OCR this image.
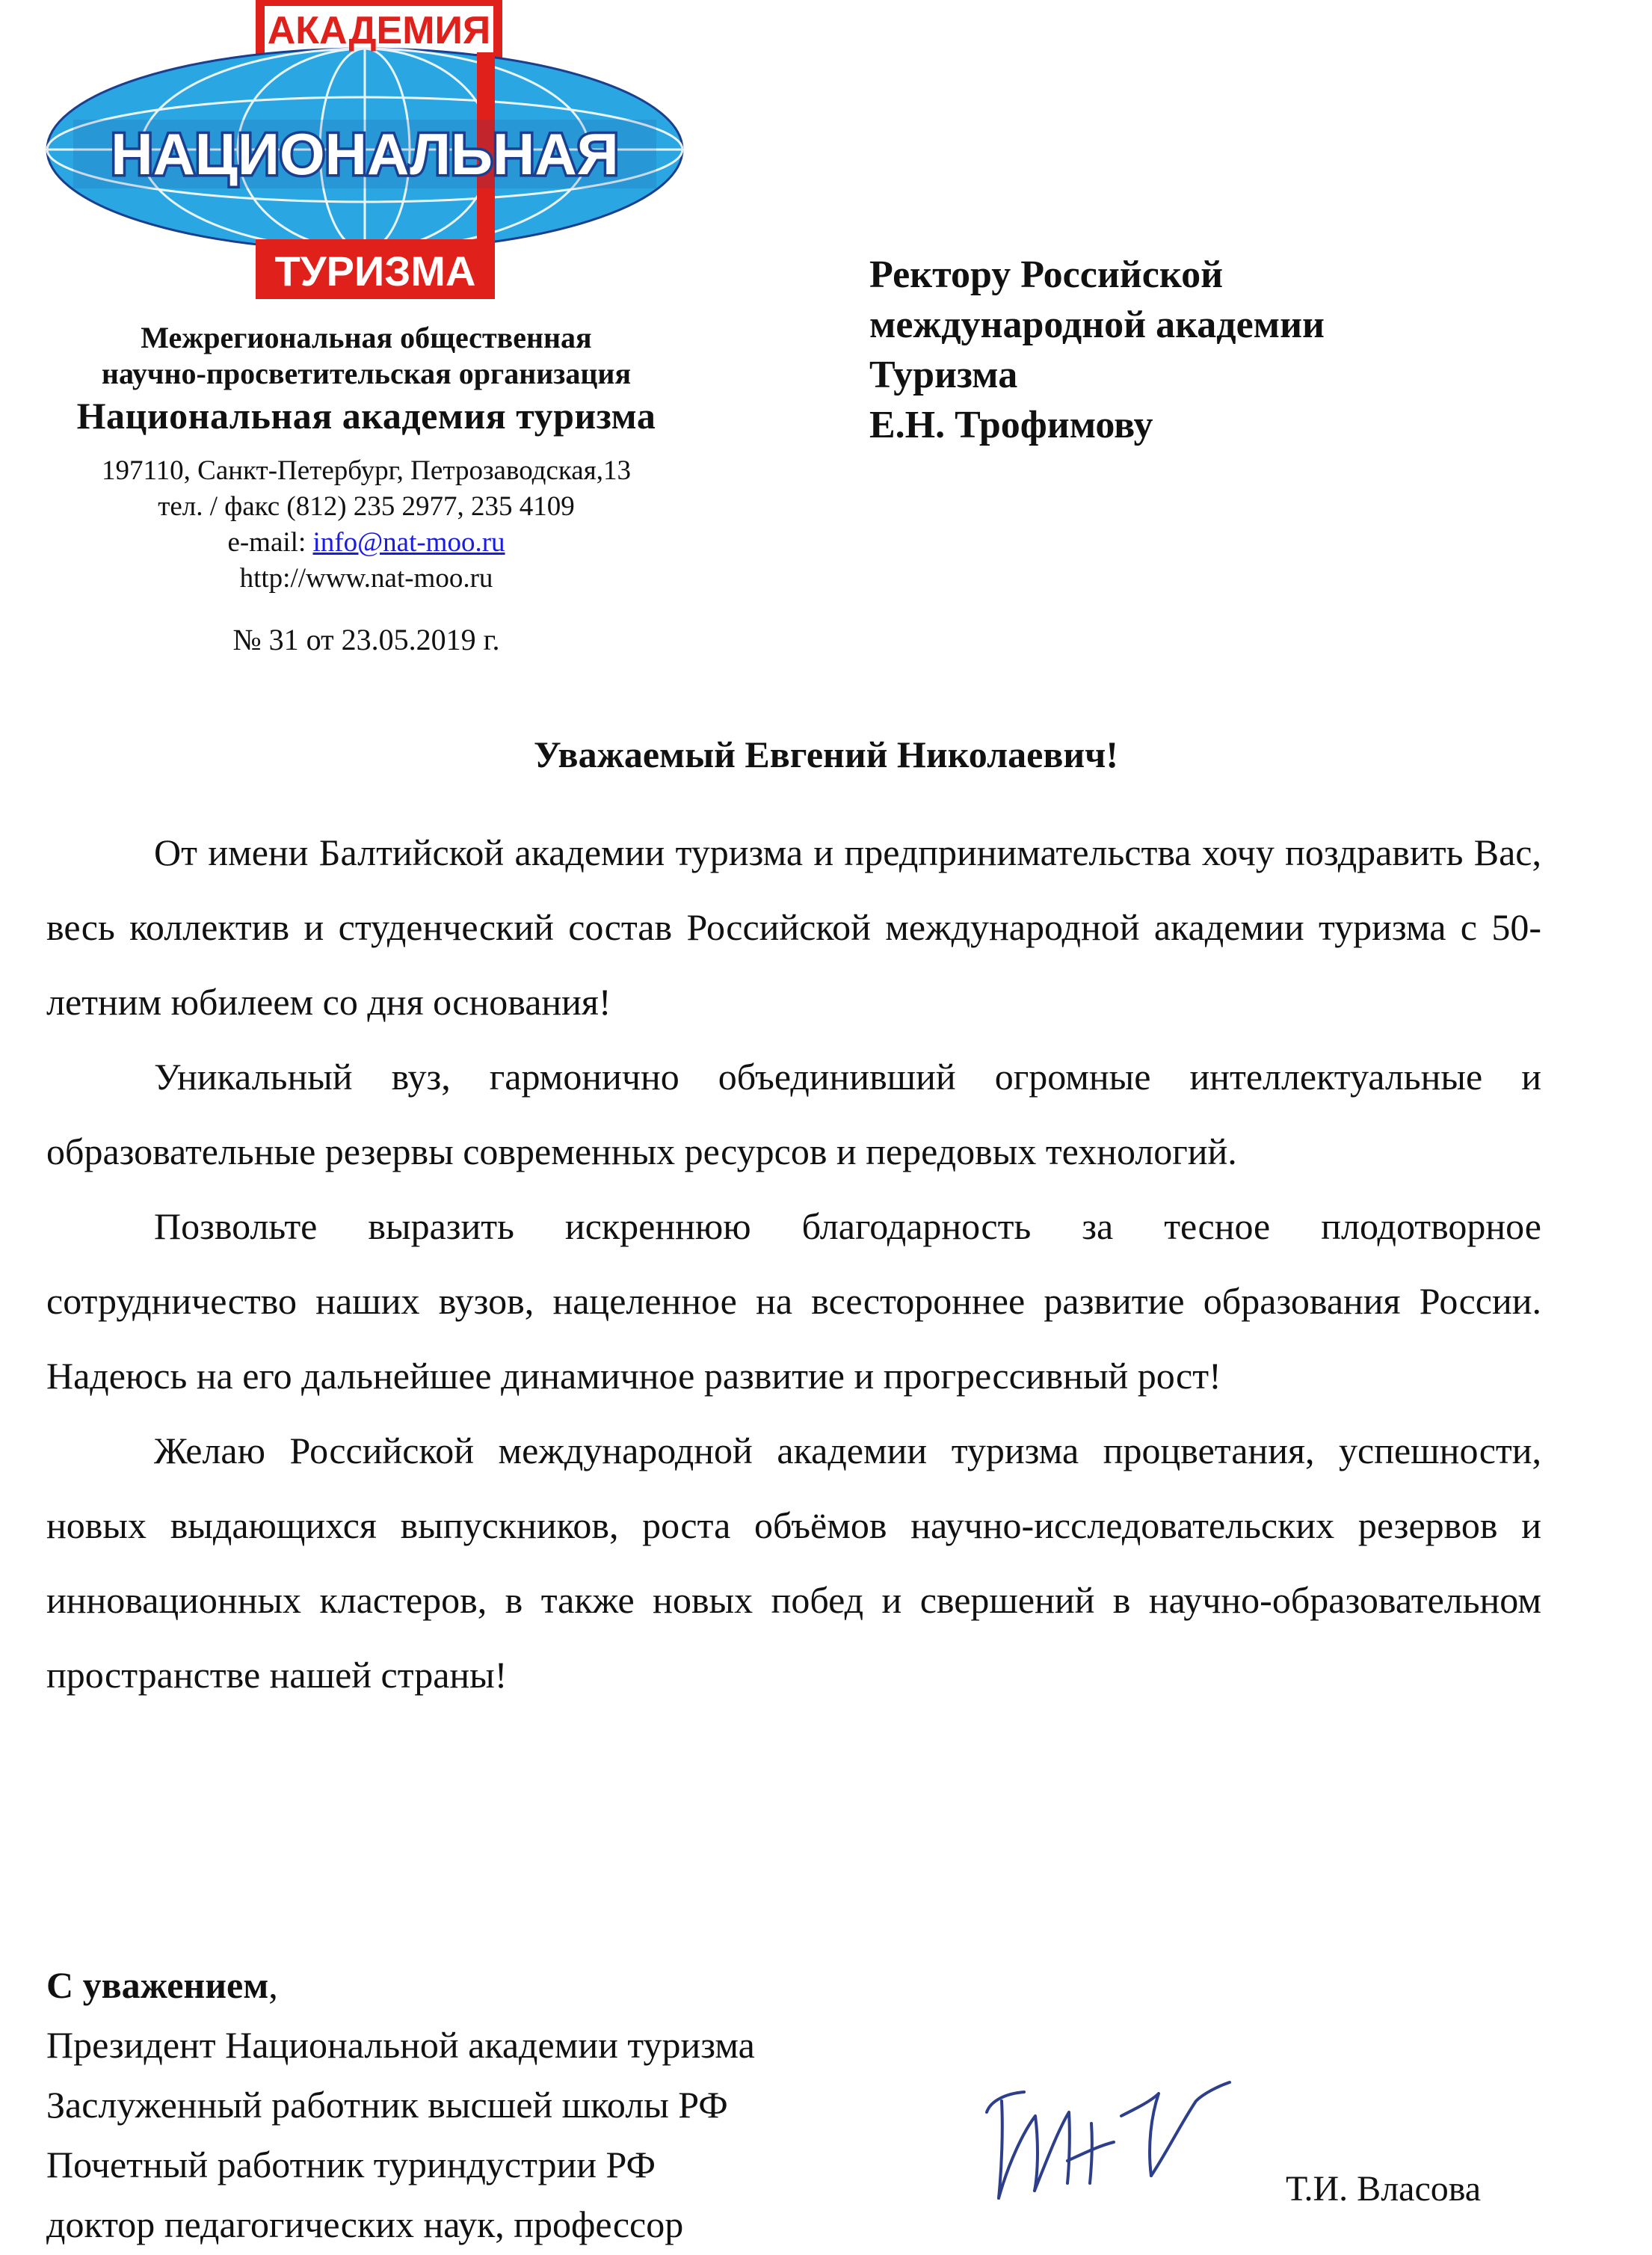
АКАДЕМИЯ
НАЦИОНАЛЬНАЯ
ТУРИЗМА
Межрегиональная общественная
научно-просветительская организация
Национальная академия туризма
197110, Санкт-Петербург, Петрозаводская,13
тел. / факс (812) 235 2977, 235 4109
e-mail: info@nat-moo.ru
http://www.nat-moo.ru
№ 31 от 23.05.2019 г.
Ректору Российской
международной академии
Туризма
Е.Н. Трофимову
Уважаемый Евгений Николаевич!

От имени Балтийской академии туризма и предпринимательства хочу поздравить Вас, весь коллектив и студенческий состав Российской международной академии туризма с 50-летним юбилеем со дня основания!

Уникальный вуз, гармонично объединивший огромные интеллектуальные и образовательные резервы современных ресурсов и передовых технологий.

Позвольте выразить искреннюю благодарность за тесное плодотворное сотрудничество наших вузов, нацеленное на всестороннее развитие образования России. Надеюсь на его дальнейшее динамичное развитие и прогрессивный рост!

Желаю Российской международной академии туризма процветания, успешности, новых выдающихся выпускников, роста объёмов научно-исследовательских резервов и инновационных кластеров, в также новых побед и свершений в научно-образовательном пространстве нашей страны!

С уважением,
Президент Национальной академии туризма
Заслуженный работник высшей школы РФ
Почетный работник туриндустрии РФ
доктор педагогических наук, профессор
Т.И. Власова
